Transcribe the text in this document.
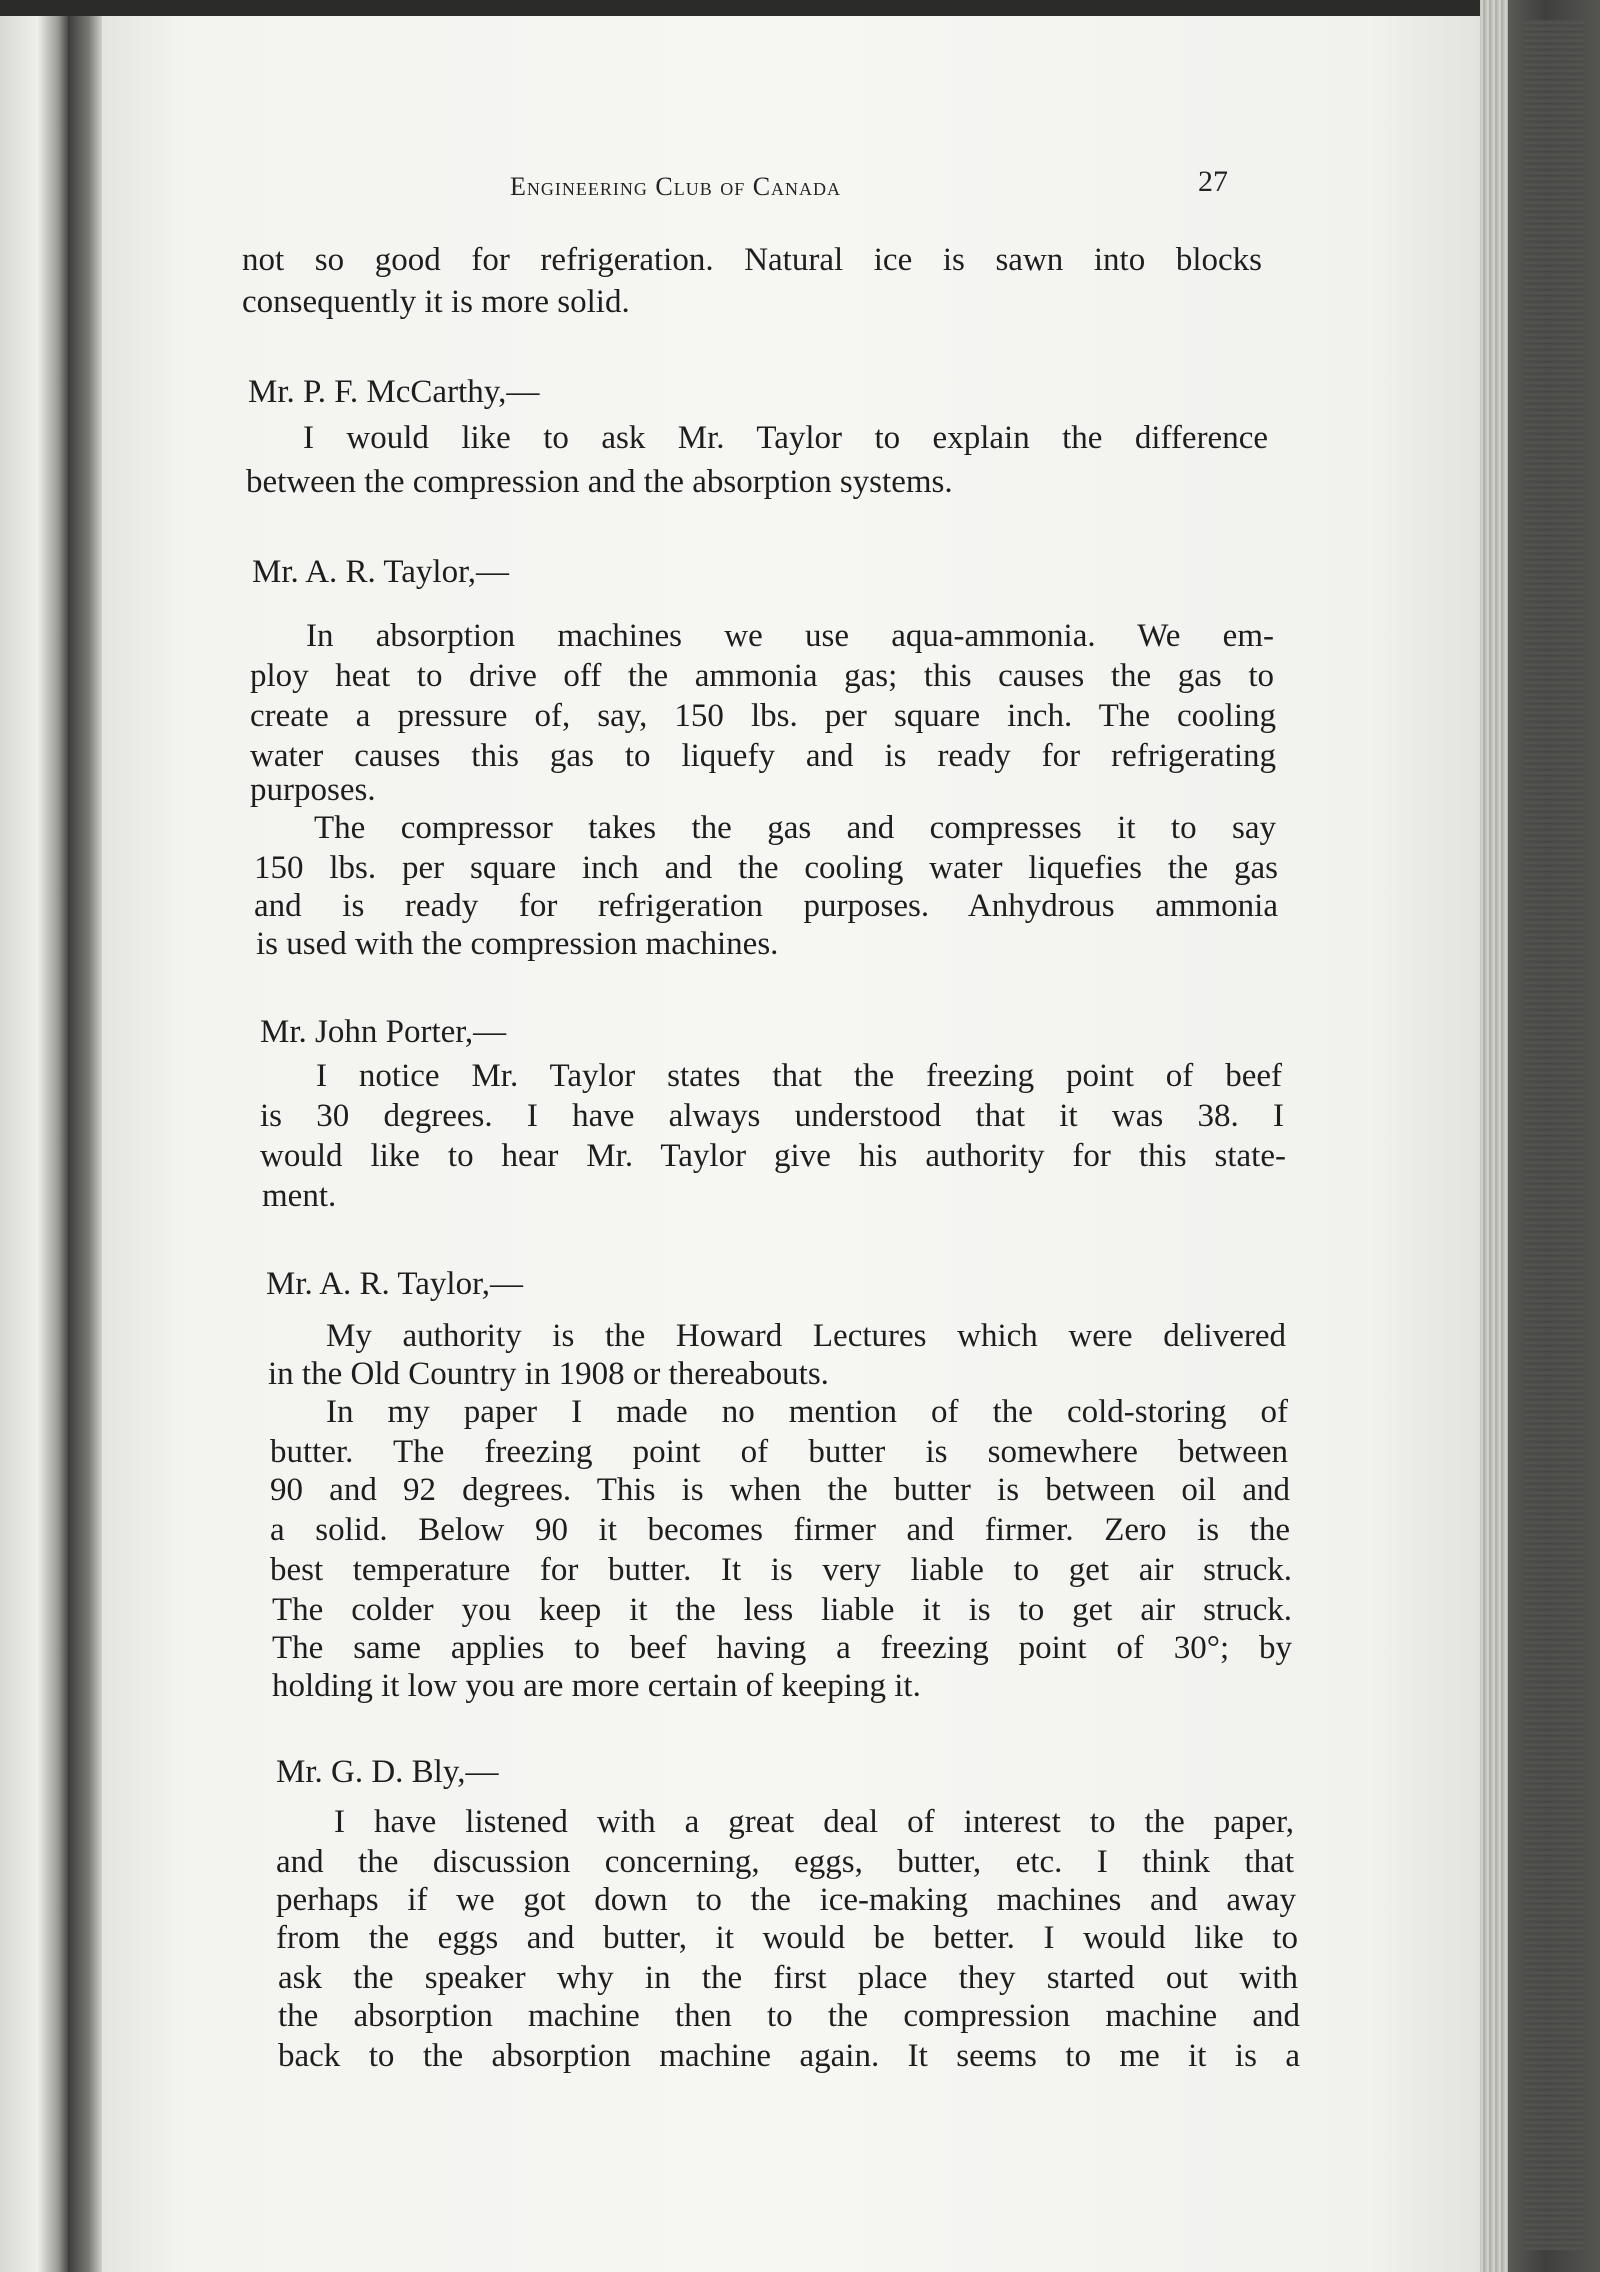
Engineering Club of Canada	27
not so good for refrigeration. Natural ice is sawn into blocks
consequently it is more solid.
Mr. P. F. McCarthy,—
I would like to ask Mr. Taylor to explain the difference
between the compression and the absorption systems.
Mr. A. R. Taylor,—
In absorption machines we use aqua-ammonia. We em-
ploy heat to drive off the ammonia gas; this causes the gas to
create a pressure of, say, 150 lbs. per square inch. The cooling
water causes this gas to liquefy and is ready for refrigerating
purposes.
The compressor takes the gas and compresses it to say
150 lbs. per square inch and the cooling water liquefies the gas
and is ready for refrigeration purposes. Anhydrous ammonia
is used with the compression machines.
Mr. John Porter,—
I notice Mr. Taylor states that the freezing point of beef
is 30 degrees. I have always understood that it was 38. I
would like to hear Mr. Taylor give his authority for this state-
ment.
Mr. A. R. Taylor,—
My authority is the Howard Lectures which were delivered
in the Old Country in 1908 or thereabouts.
In my paper I made no mention of the cold-storing of
butter. The freezing point of butter is somewhere between
90 and 92 degrees. This is when the butter is between oil and
a solid. Below 90 it becomes firmer and firmer. Zero is the
best temperature for butter. It is very liable to get air struck.
The colder you keep it the less liable it is to get air struck.
The same applies to beef having a freezing point of 30°; by
holding it low you are more certain of keeping it.
Mr. G. D. Bly,—
I have listened with a great deal of interest to the paper,
and the discussion concerning, eggs, butter, etc. I think that
perhaps if we got down to the ice-making machines and away
from the eggs and butter, it would be better. I would like to
ask the speaker why in the first place they started out with
the absorption machine then to the compression machine and
back to the absorption machine again. It seems to me it is a
